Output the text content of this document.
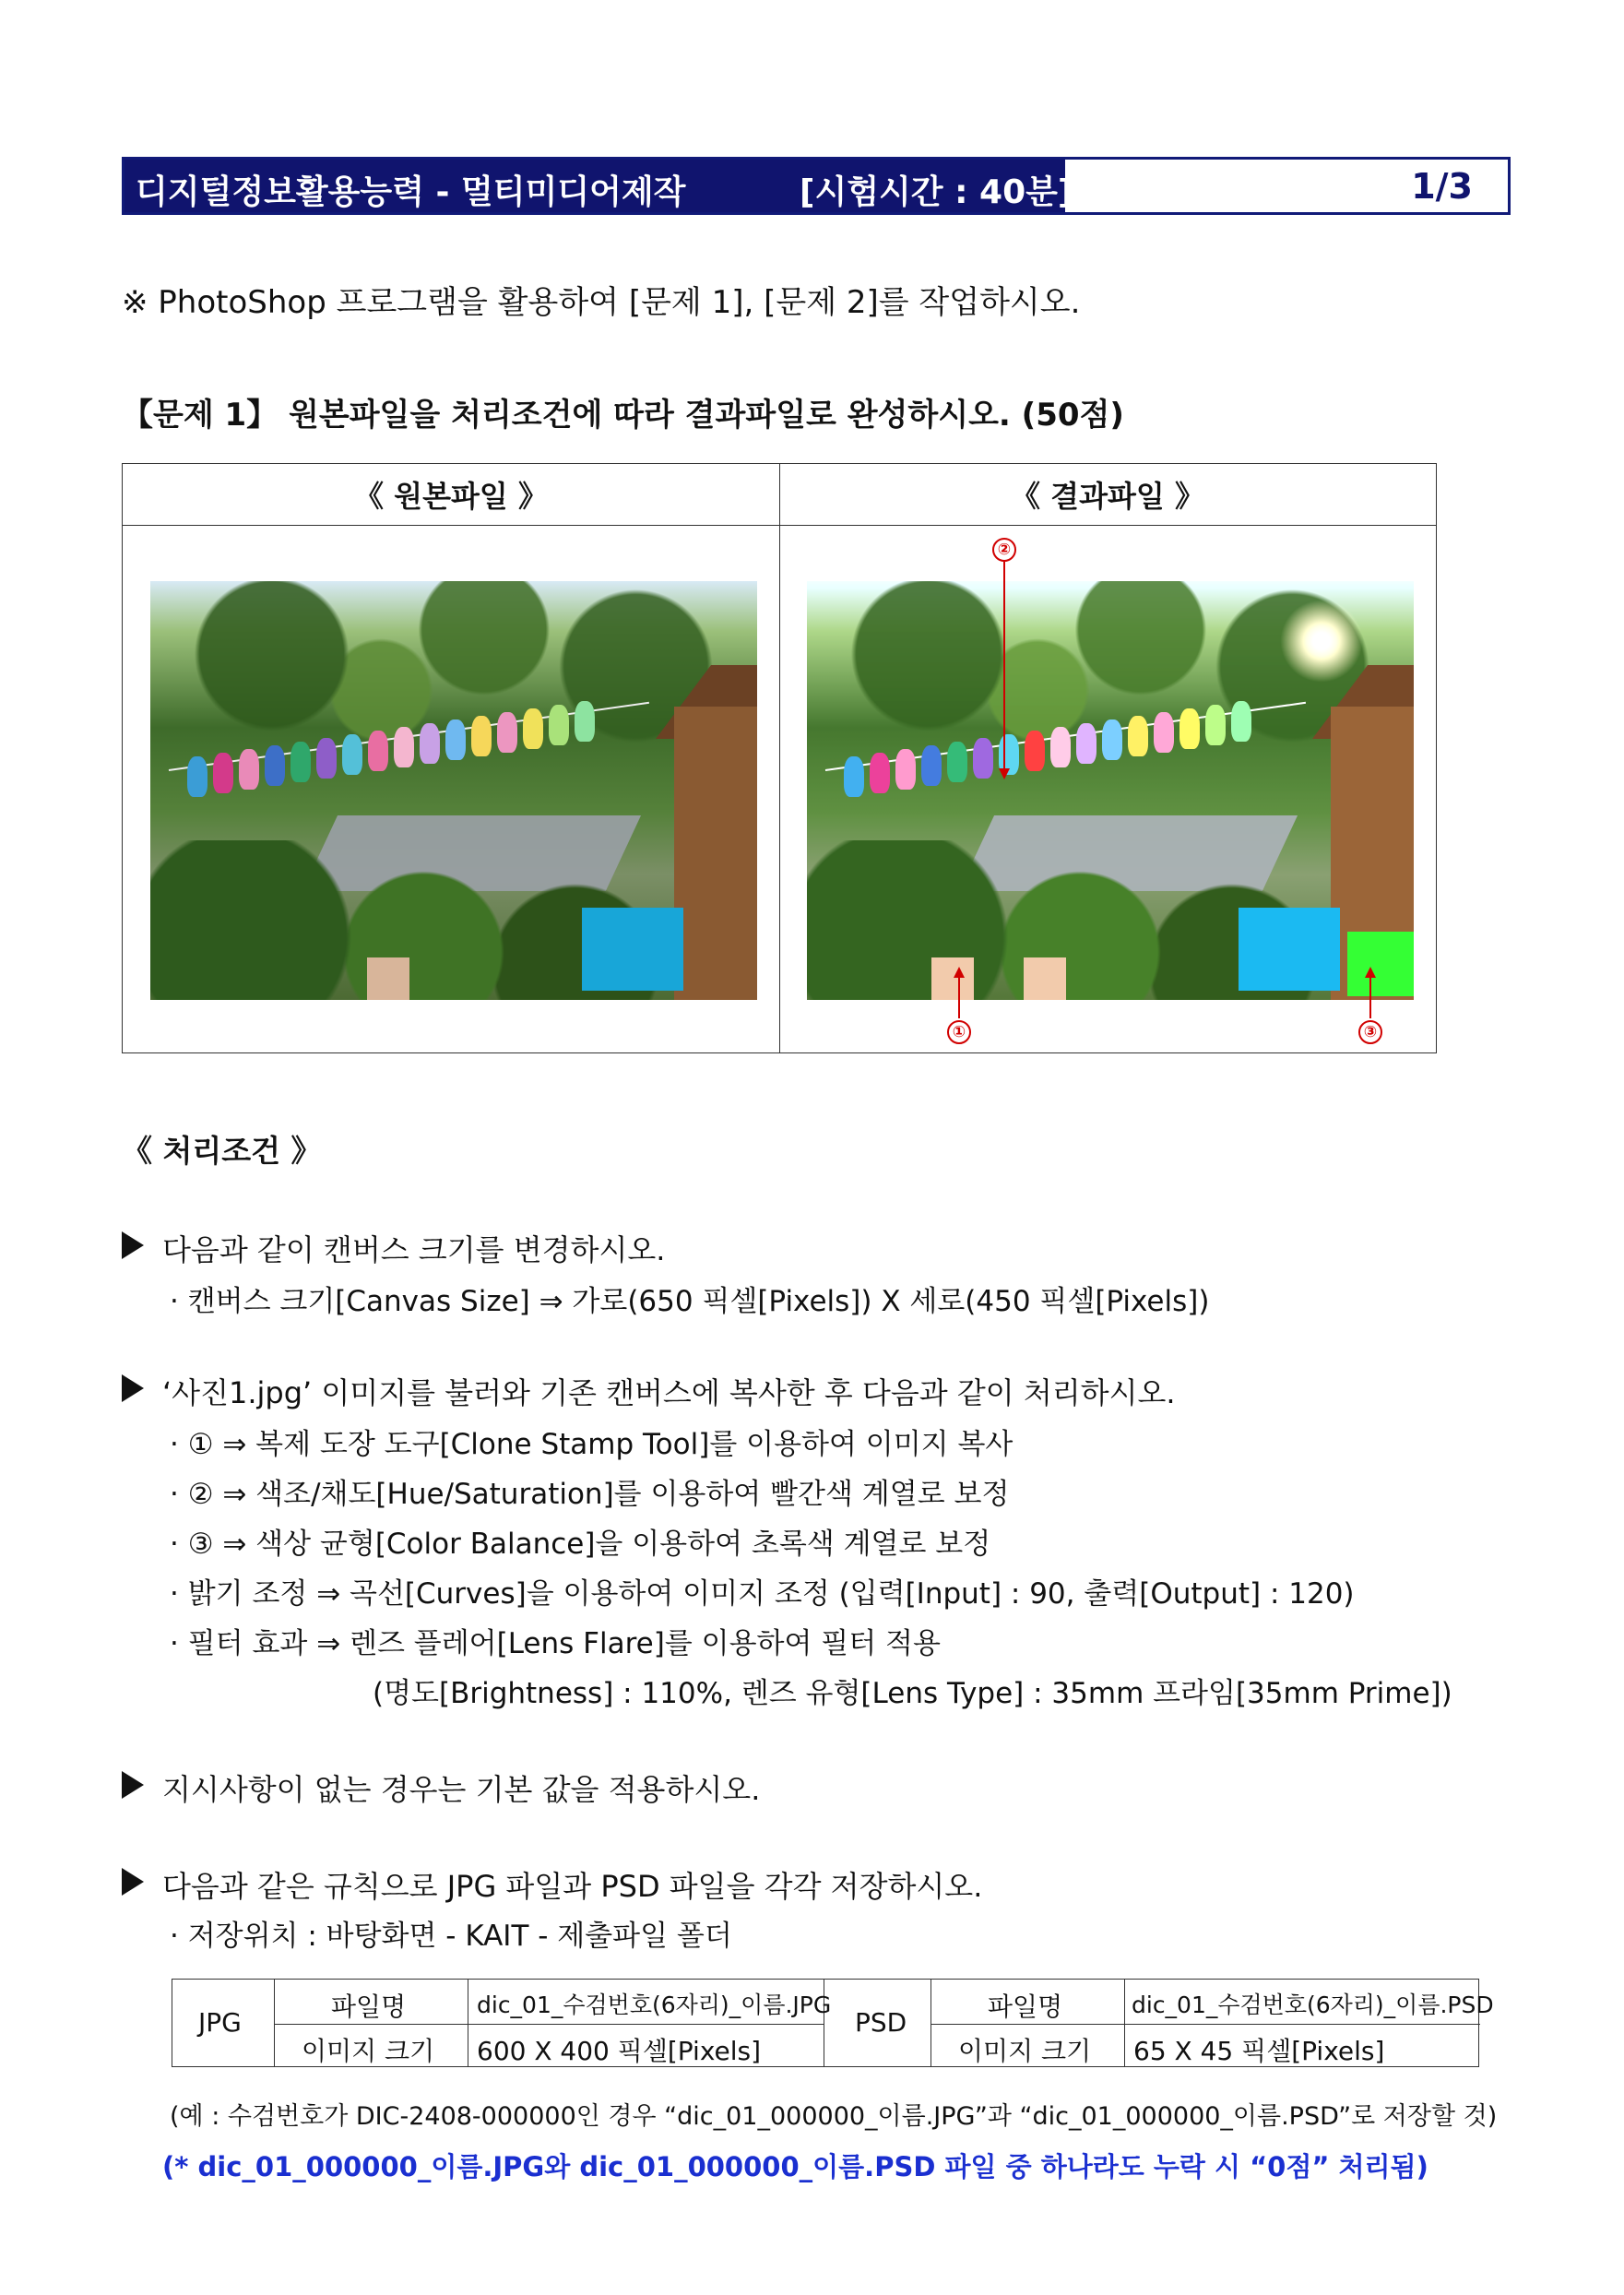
디지털정보활용능력 - 멀티미디어제작	[시험시간 : 40분]	1/3
※ PhotoShop 프로그램을 활용하여 [문제 1], [문제 2]를 작업하시오.
【문제 1】 원본파일을 처리조건에 따라 결과파일로 완성하시오. (50점)
《 원본파일 》	《 결과파일 》
②
①	③
《 처리조건 》
다음과 같이 캔버스 크기를 변경하시오.
· 캔버스 크기[Canvas Size] ⇒ 가로(650 픽셀[Pixels]) X 세로(450 픽셀[Pixels])
‘사진1.jpg’ 이미지를 불러와 기존 캔버스에 복사한 후 다음과 같이 처리하시오.
· ① ⇒ 복제 도장 도구[Clone Stamp Tool]를 이용하여 이미지 복사
· ② ⇒ 색조/채도[Hue/Saturation]를 이용하여 빨간색 계열로 보정
· ③ ⇒ 색상 균형[Color Balance]을 이용하여 초록색 계열로 보정
· 밝기 조정 ⇒ 곡선[Curves]을 이용하여 이미지 조정 (입력[Input] : 90, 출력[Output] : 120)
· 필터 효과 ⇒ 렌즈 플레어[Lens Flare]를 이용하여 필터 적용
(명도[Brightness] : 110%, 렌즈 유형[Lens Type] : 35mm 프라임[35mm Prime])
지시사항이 없는 경우는 기본 값을 적용하시오.
다음과 같은 규칙으로 JPG 파일과 PSD 파일을 각각 저장하시오.
· 저장위치 : 바탕화면 - KAIT - 제출파일 폴더
JPG
파일명	dic_01_수검번호(6자리)_이름.JPG
이미지 크기 600 X 400 픽셀[Pixels]
PSD
파일명	dic_01_수검번호(6자리)_이름.PSD
이미지 크기 65 X 45 픽셀[Pixels]
(예 : 수검번호가 DIC-2408-000000인 경우 “dic_01_000000_이름.JPG”과 “dic_01_000000_이름.PSD”로 저장할 것)
(* dic_01_000000_이름.JPG와 dic_01_000000_이름.PSD 파일 중 하나라도 누락 시 “0점” 처리됨)
